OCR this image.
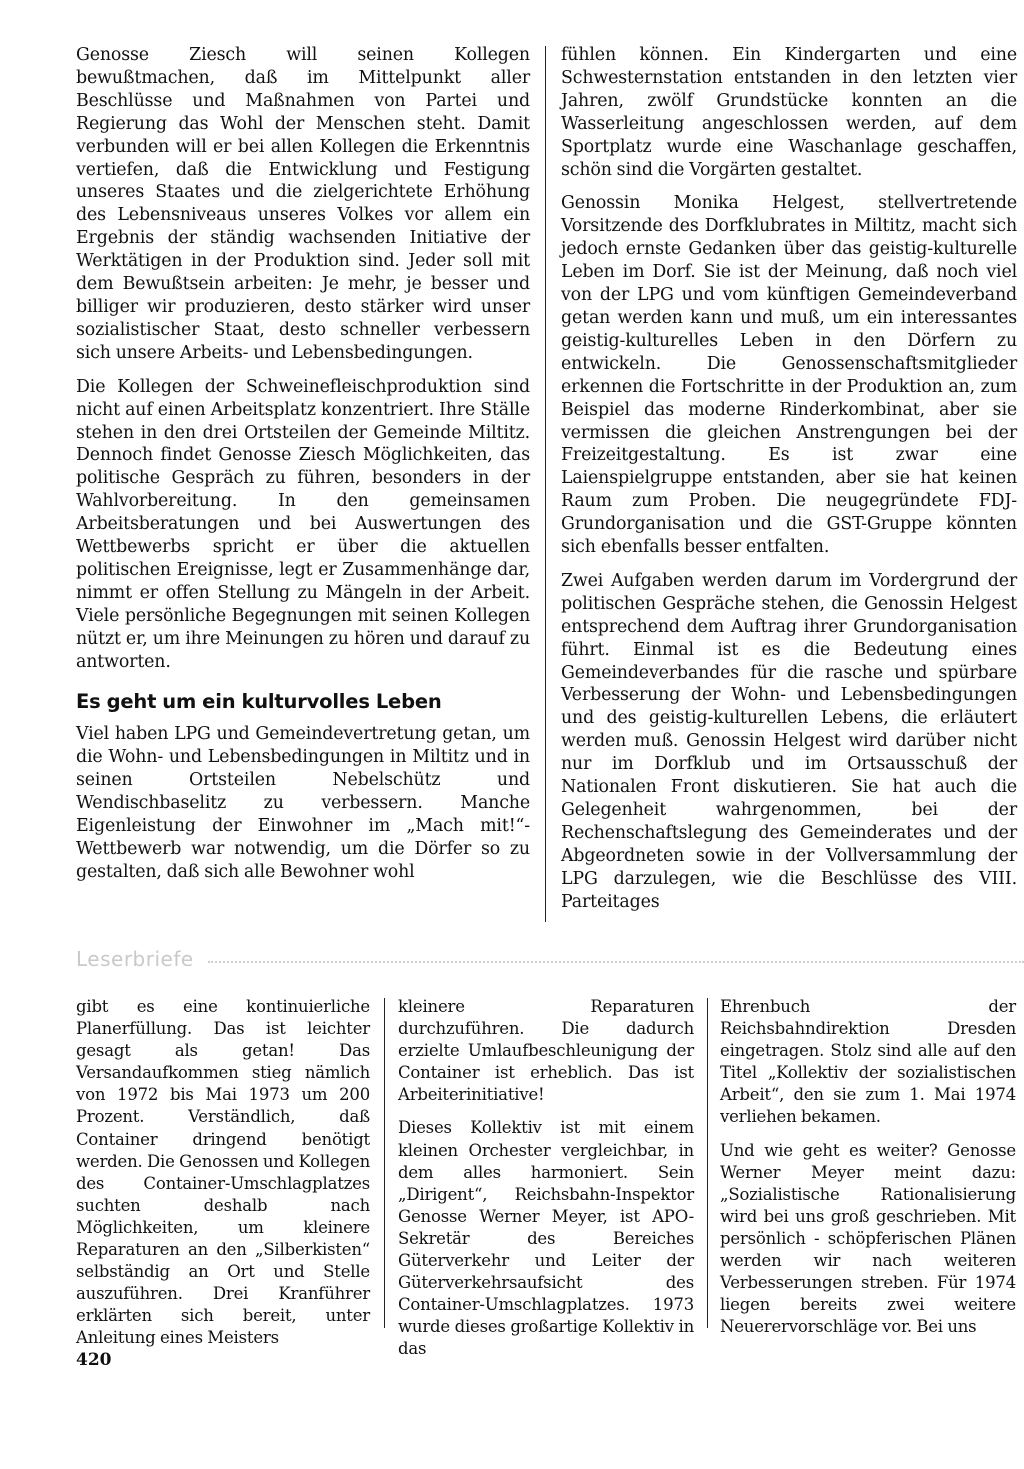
Genosse Ziesch will seinen Kollegen bewußtmachen, daß im Mittelpunkt aller Beschlüsse und Maßnahmen von Partei und Regierung das Wohl der Menschen steht. Damit verbunden will er bei allen Kollegen die Erkenntnis vertiefen, daß die Entwicklung und Festigung unseres Staates und die zielgerichtete Erhöhung des Lebensniveaus unseres Volkes vor allem ein Ergebnis der ständig wachsenden Initiative der Werktätigen in der Produktion sind. Jeder soll mit dem Bewußtsein arbeiten: Je mehr, je besser und billiger wir produzieren, desto stärker wird unser sozialistischer Staat, desto schneller verbessern sich unsere Arbeits- und Lebensbedingungen.

Die Kollegen der Schweinefleischproduktion sind nicht auf einen Arbeitsplatz konzentriert. Ihre Ställe stehen in den drei Ortsteilen der Gemeinde Miltitz. Dennoch findet Genosse Ziesch Möglichkeiten, das politische Gespräch zu führen, besonders in der Wahlvorbereitung. In den gemeinsamen Arbeitsberatungen und bei Auswertungen des Wettbewerbs spricht er über die aktuellen politischen Ereignisse, legt er Zusammenhänge dar, nimmt er offen Stellung zu Mängeln in der Arbeit. Viele persönliche Begegnungen mit seinen Kollegen nützt er, um ihre Meinungen zu hören und darauf zu antworten.

Es geht um ein kulturvolles Leben

Viel haben LPG und Gemeindevertretung getan, um die Wohn- und Lebensbedingungen in Miltitz und in seinen Ortsteilen Nebelschütz und Wendischbaselitz zu verbessern. Manche Eigenleistung der Einwohner im „Mach mit!“-Wettbewerb war notwendig, um die Dörfer so zu gestalten, daß sich alle Bewohner wohl

fühlen können. Ein Kindergarten und eine Schwesternstation entstanden in den letzten vier Jahren, zwölf Grundstücke konnten an die Wasserleitung angeschlossen werden, auf dem Sportplatz wurde eine Waschanlage geschaffen, schön sind die Vorgärten gestaltet.

Genossin Monika Helgest, stellvertretende Vorsitzende des Dorfklubrates in Miltitz, macht sich jedoch ernste Gedanken über das geistig-kulturelle Leben im Dorf. Sie ist der Meinung, daß noch viel von der LPG und vom künftigen Gemeindeverband getan werden kann und muß, um ein interessantes geistig-kulturelles Leben in den Dörfern zu entwickeln. Die Genossenschaftsmitglieder erkennen die Fortschritte in der Produktion an, zum Beispiel das moderne Rinderkombinat, aber sie vermissen die gleichen Anstrengungen bei der Freizeitgestaltung. Es ist zwar eine Laienspielgruppe entstanden, aber sie hat keinen Raum zum Proben. Die neugegründete FDJ-Grundorganisation und die GST-Gruppe könnten sich ebenfalls besser entfalten.

Zwei Aufgaben werden darum im Vordergrund der politischen Gespräche stehen, die Genossin Helgest entsprechend dem Auftrag ihrer Grundorganisation führt. Einmal ist es die Bedeutung eines Gemeindeverbandes für die rasche und spürbare Verbesserung der Wohn- und Lebensbedingungen und des geistig-kulturellen Lebens, die erläutert werden muß. Genossin Helgest wird darüber nicht nur im Dorfklub und im Ortsausschuß der Nationalen Front diskutieren. Sie hat auch die Gelegenheit wahrgenommen, bei der Rechenschaftslegung des Gemeinderates und der Abgeordneten sowie in der Vollversammlung der LPG darzulegen, wie die Beschlüsse des VIII. Parteitages

Leserbriefe

gibt es eine kontinuierliche Planerfüllung. Das ist leichter gesagt als getan! Das Versandaufkommen stieg nämlich von 1972 bis Mai 1973 um 200 Prozent. Verständlich, daß Container dringend benötigt werden. Die Genossen und Kollegen des Container-Umschlagplatzes suchten deshalb nach Möglichkeiten, um kleinere Reparaturen an den „Silberkisten“ selbständig an Ort und Stelle auszuführen. Drei Kranführer erklärten sich bereit, unter Anleitung eines Meisters

kleinere Reparaturen durchzuführen. Die dadurch erzielte Umlaufbeschleunigung der Container ist erheblich. Das ist Arbeiterinitiative!

Dieses Kollektiv ist mit einem kleinen Orchester vergleichbar, in dem alles harmoniert. Sein „Dirigent“, Reichsbahn-Inspektor Genosse Werner Meyer, ist APO-Sekretär des Bereiches Güterverkehr und Leiter der Güterverkehrsaufsicht des Container-Umschlagplatzes. 1973 wurde dieses großartige Kollektiv in das

Ehrenbuch der Reichsbahndirektion Dresden eingetragen. Stolz sind alle auf den Titel „Kollektiv der sozialistischen Arbeit“, den sie zum 1. Mai 1974 verliehen bekamen.

Und wie geht es weiter? Genosse Werner Meyer meint dazu: „Sozialistische Rationalisierung wird bei uns groß geschrieben. Mit persönlich - schöpferischen Plänen werden wir nach weiteren Verbesserungen streben. Für 1974 liegen bereits zwei weitere Neuerervorschläge vor. Bei uns

420
